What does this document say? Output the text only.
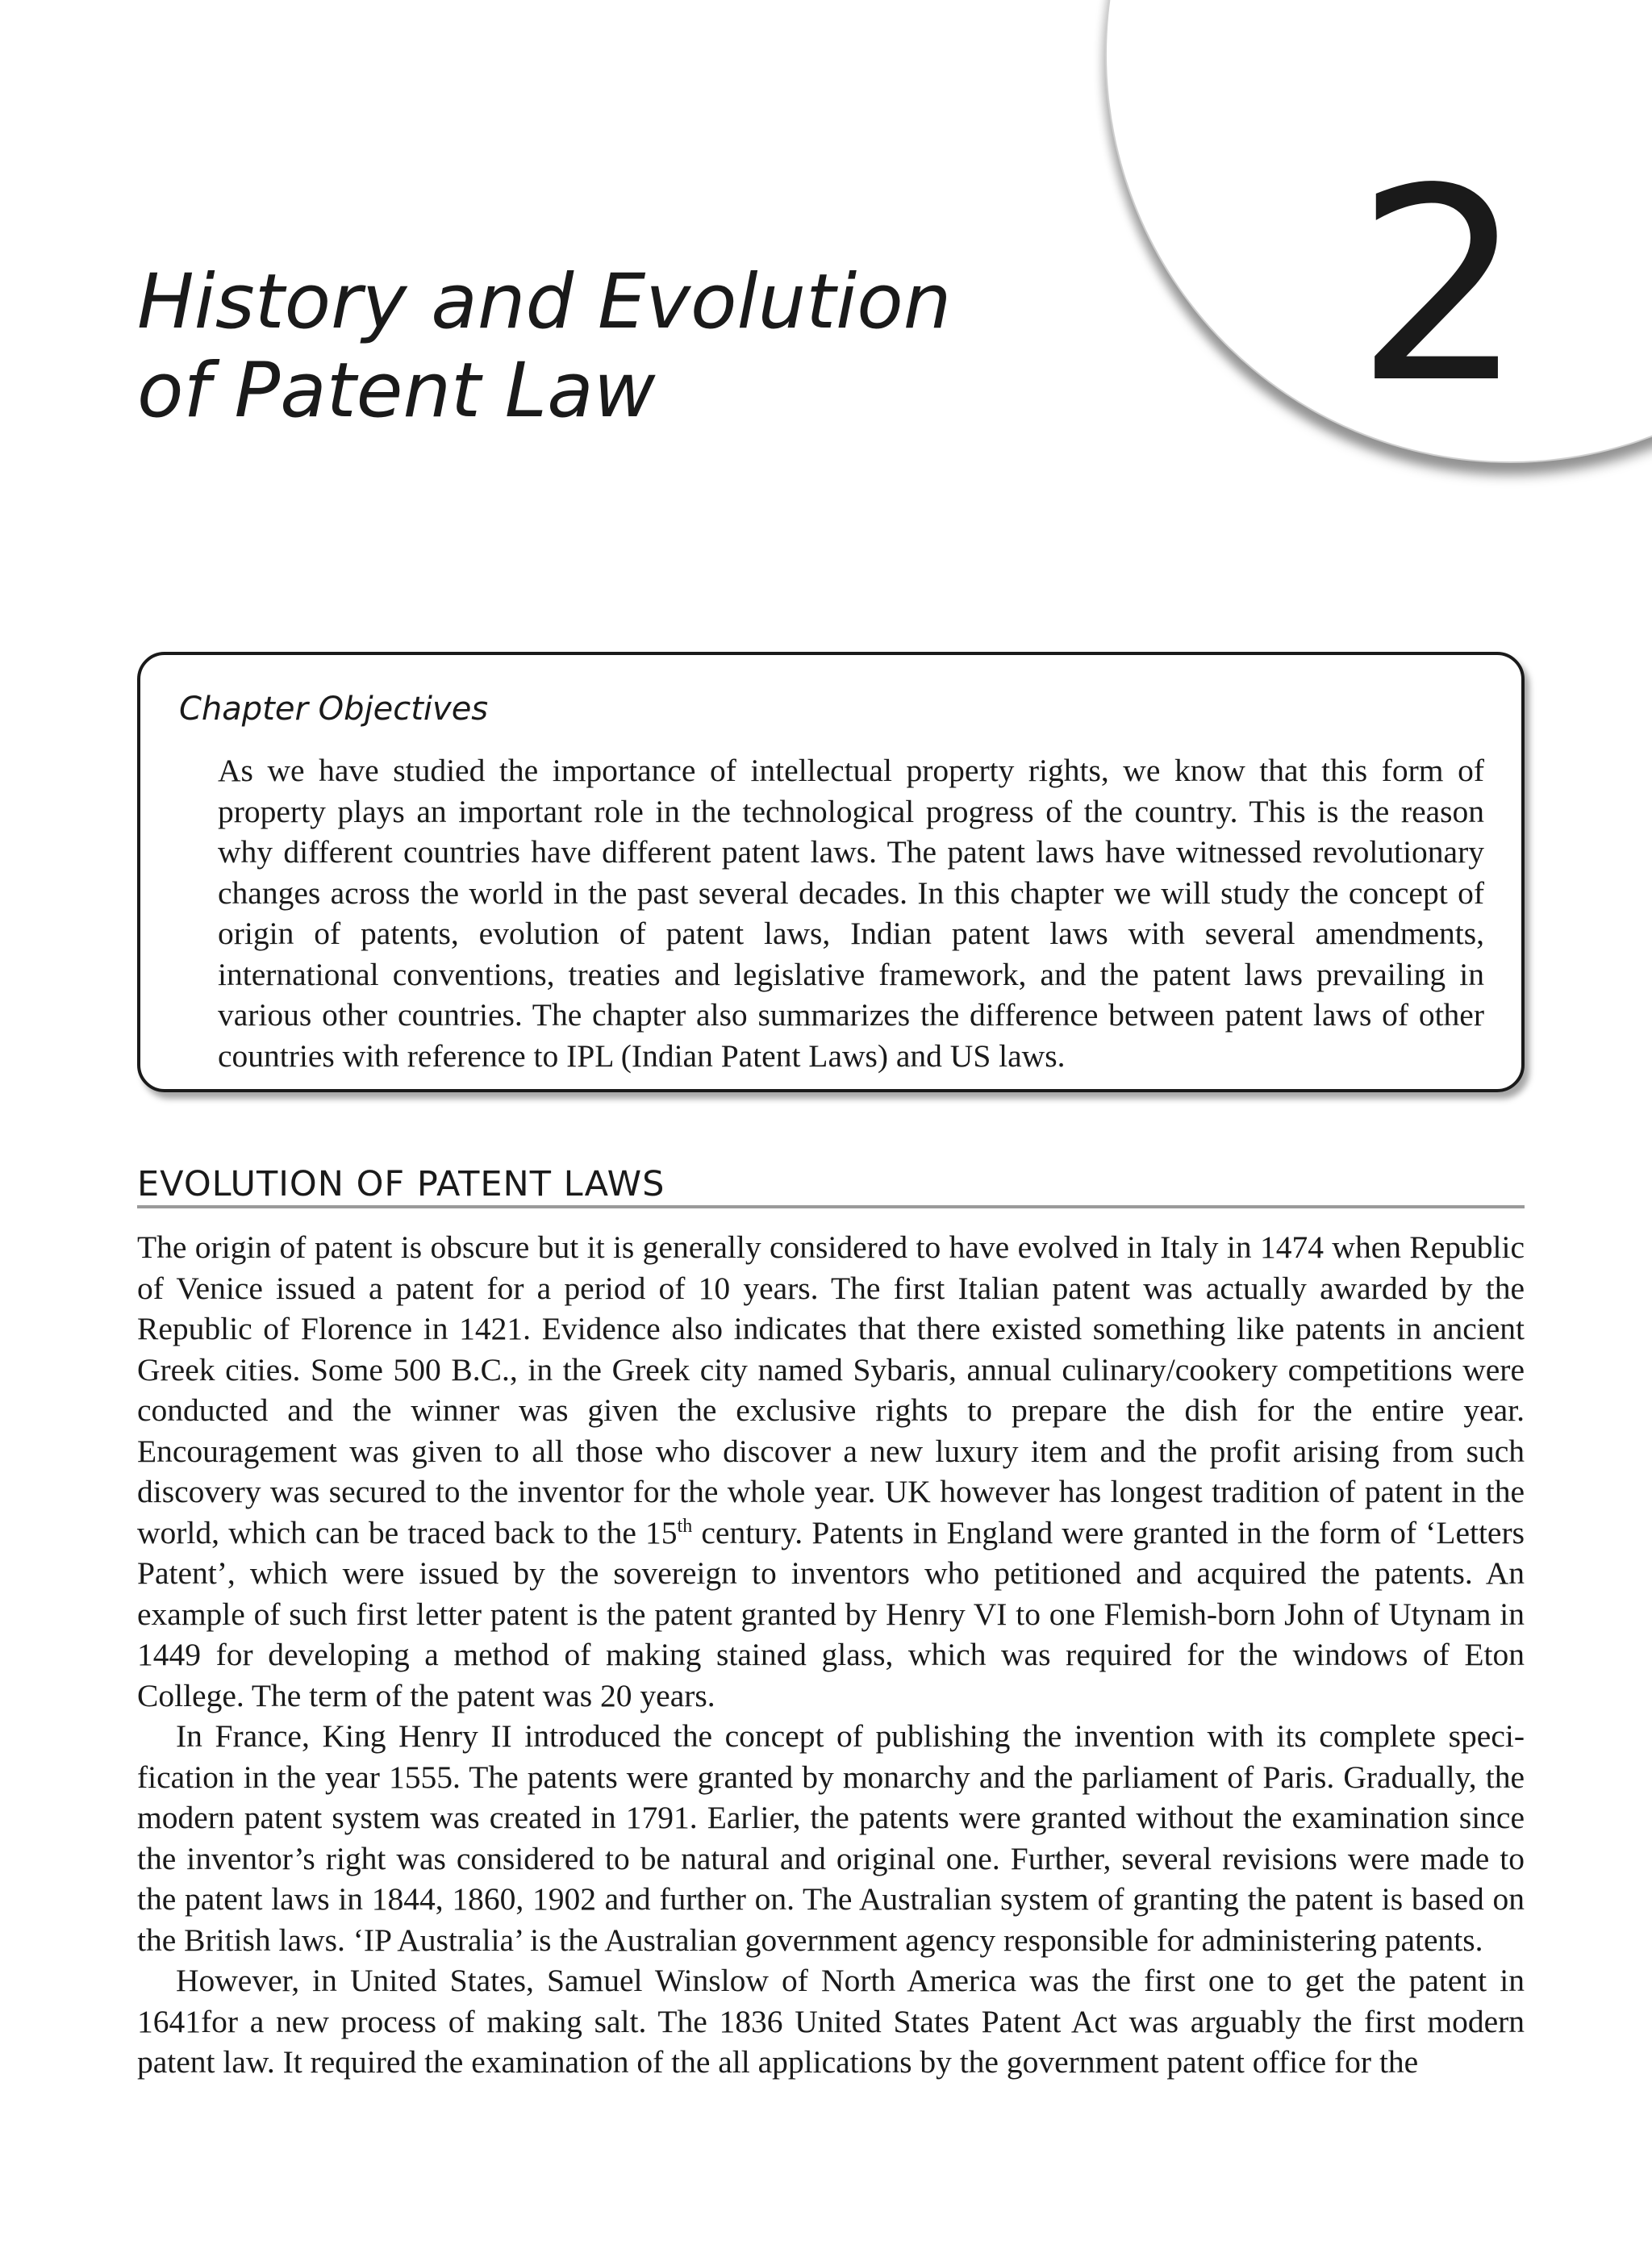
2
History and Evolution
of Patent Law
Chapter Objectives

As we have studied the importance of intellectual property rights, we know that this form of property plays an important role in the technological progress of the country. This is the reason why different countries have different patent laws. The patent laws have witnessed revolutionary changes across the world in the past several decades. In this chapter we will study the concept of origin of patents, evolution of patent laws, Indian patent laws with several amendments, international conventions, treaties and legislative framework, and the patent laws prevailing in various other countries. The chapter also summarizes the difference between patent laws of other countries with reference to IPL (Indian Patent Laws) and US laws.

EVOLUTION OF PATENT LAWS

The origin of patent is obscure but it is generally considered to have evolved in Italy in 1474 when Republic of Venice issued a patent for a period of 10 years. The first Italian patent was actually awarded by the Republic of Florence in 1421. Evidence also indicates that there existed something like patents in ancient Greek cities. Some 500 B.C., in the Greek city named Sybaris, annual culinary/cookery competitions were conducted and the winner was given the exclusive rights to prepare the dish for the entire year. Encouragement was given to all those who discover a new luxury item and the profit arising from such discovery was secured to the inventor for the whole year. UK however has longest tradition of patent in the world, which can be traced back to the 15th century. Patents in England were granted in the form of ‘Letters Patent’, which were issued by the sovereign to inventors who petitioned and acquired the patents. An example of such first letter patent is the patent granted by Henry VI to one Flemish-born John of Utynam in 1449 for developing a method of making stained glass, which was required for the windows of Eton College. The term of the patent was 20 years.

In France, King Henry II introduced the concept of publishing the invention with its complete specification in the year 1555. The patents were granted by monarchy and the parliament of Paris. Gradually, the modern patent system was created in 1791. Earlier, the patents were granted without the examination since the inventor’s right was considered to be natural and original one. Further, several revisions were made to the patent laws in 1844, 1860, 1902 and further on. The Australian system of granting the patent is based on the British laws. ‘IP Australia’ is the Australian government agency responsible for administering patents.

However, in United States, Samuel Winslow of North America was the first one to get the patent in 1641for a new process of making salt. The 1836 United States Patent Act was arguably the first modern patent law. It required the examination of the all applications by the government patent office for the
